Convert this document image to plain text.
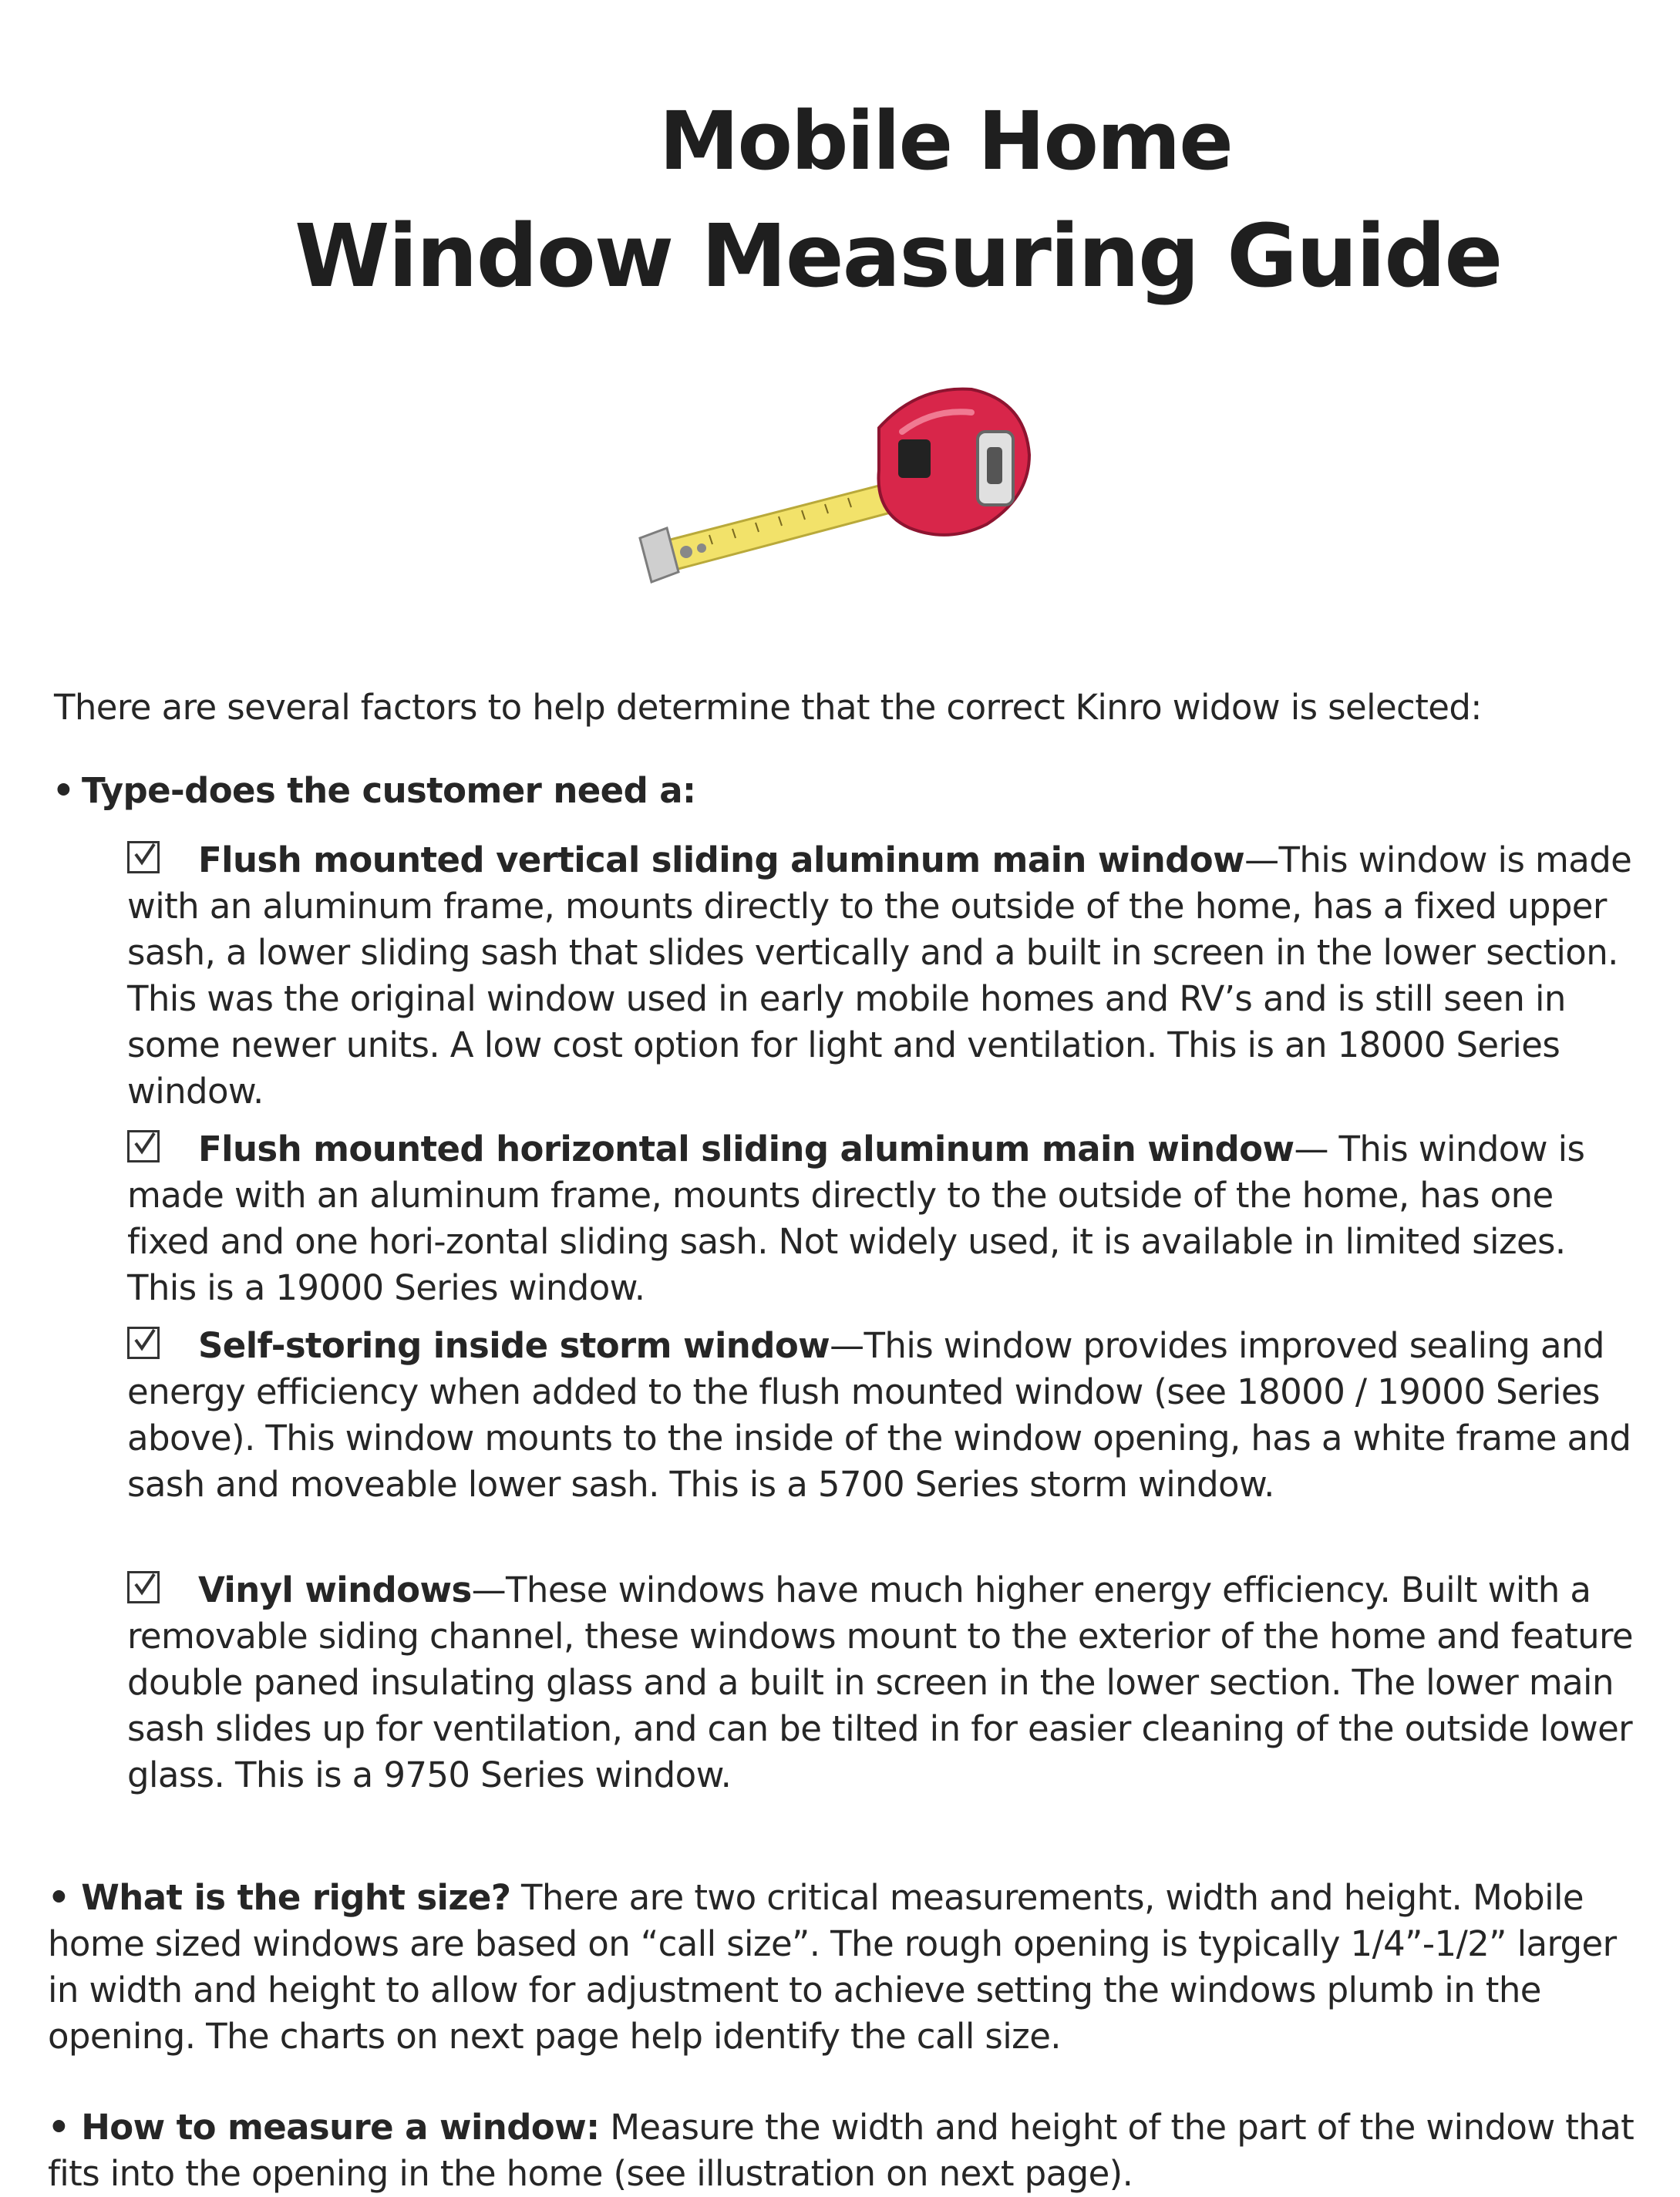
Mobile Home
Window Measuring Guide

There are several factors to help determine that the correct Kinro widow is selected:

• Type-does the customer need a:

Flush mounted vertical sliding aluminum main window—This window is made with an aluminum frame, mounts directly to the outside of the home, has a fixed upper sash, a lower sliding sash that slides vertically and a built in screen in the lower section. This was the original window used in early mobile homes and RV’s and is still seen in some newer units. A low cost option for light and ventilation. This is an 18000 Series window.

Flush mounted horizontal sliding aluminum main window— This window is made with an aluminum frame, mounts directly to the outside of the home, has one fixed and one hori-zontal sliding sash. Not widely used, it is available in limited sizes. This is a 19000 Series window.

Self-storing inside storm window—This window provides improved sealing and energy efficiency when added to the flush mounted window (see 18000 / 19000 Series above). This window mounts to the inside of the window opening, has a white frame and sash and moveable lower sash. This is a 5700 Series storm window.

Vinyl windows—These windows have much higher energy efficiency. Built with a removable siding channel, these windows mount to the exterior of the home and feature double paned insulating glass and a built in screen in the lower section. The lower main sash slides up for ventilation, and can be tilted in for easier cleaning of the outside lower glass. This is a 9750 Series window.

• What is the right size? There are two critical measurements, width and height. Mobile home sized windows are based on “call size”. The rough opening is typically 1/4”-1/2” larger in width and height to allow for adjustment to achieve setting the windows plumb in the opening. The charts on next page help identify the call size.

• How to measure a window: Measure the width and height of the part of the window that fits into the opening in the home (see illustration on next page).
